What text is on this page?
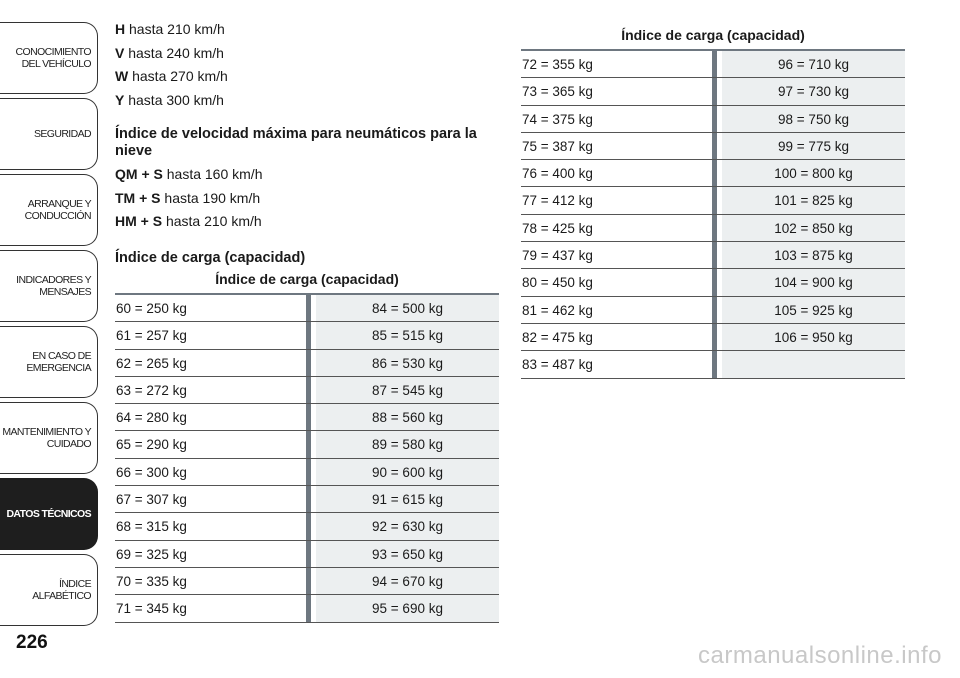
CONOCIMIENTO DEL VEHÍCULO
SEGURIDAD
ARRANQUE Y CONDUCCIÓN
INDICADORES Y MENSAJES
EN CASO DE EMERGENCIA
MANTENIMIENTO Y CUIDADO
DATOS TÉCNICOS
ÍNDICE ALFABÉTICO
226
H hasta 210 km/h
V hasta 240 km/h
W hasta 270 km/h
Y hasta 300 km/h
Índice de velocidad máxima para neumáticos para la nieve
QM + S hasta 160 km/h
TM + S hasta 190 km/h
HM + S hasta 210 km/h
Índice de carga (capacidad)
Índice de carga (capacidad)
60 = 250 kg	84 = 500 kg
61 = 257 kg	85 = 515 kg
62 = 265 kg	86 = 530 kg
63 = 272 kg	87 = 545 kg
64 = 280 kg	88 = 560 kg
65 = 290 kg	89 = 580 kg
66 = 300 kg	90 = 600 kg
67 = 307 kg	91 = 615 kg
68 = 315 kg	92 = 630 kg
69 = 325 kg	93 = 650 kg
70 = 335 kg	94 = 670 kg
71 = 345 kg	95 = 690 kg
Índice de carga (capacidad)
72 = 355 kg	96 = 710 kg
73 = 365 kg	97 = 730 kg
74 = 375 kg	98 = 750 kg
75 = 387 kg	99 = 775 kg
76 = 400 kg	100 = 800 kg
77 = 412 kg	101 = 825 kg
78 = 425 kg	102 = 850 kg
79 = 437 kg	103 = 875 kg
80 = 450 kg	104 = 900 kg
81 = 462 kg	105 = 925 kg
82 = 475 kg	106 = 950 kg
83 = 487 kg
carmanualsonline.info
